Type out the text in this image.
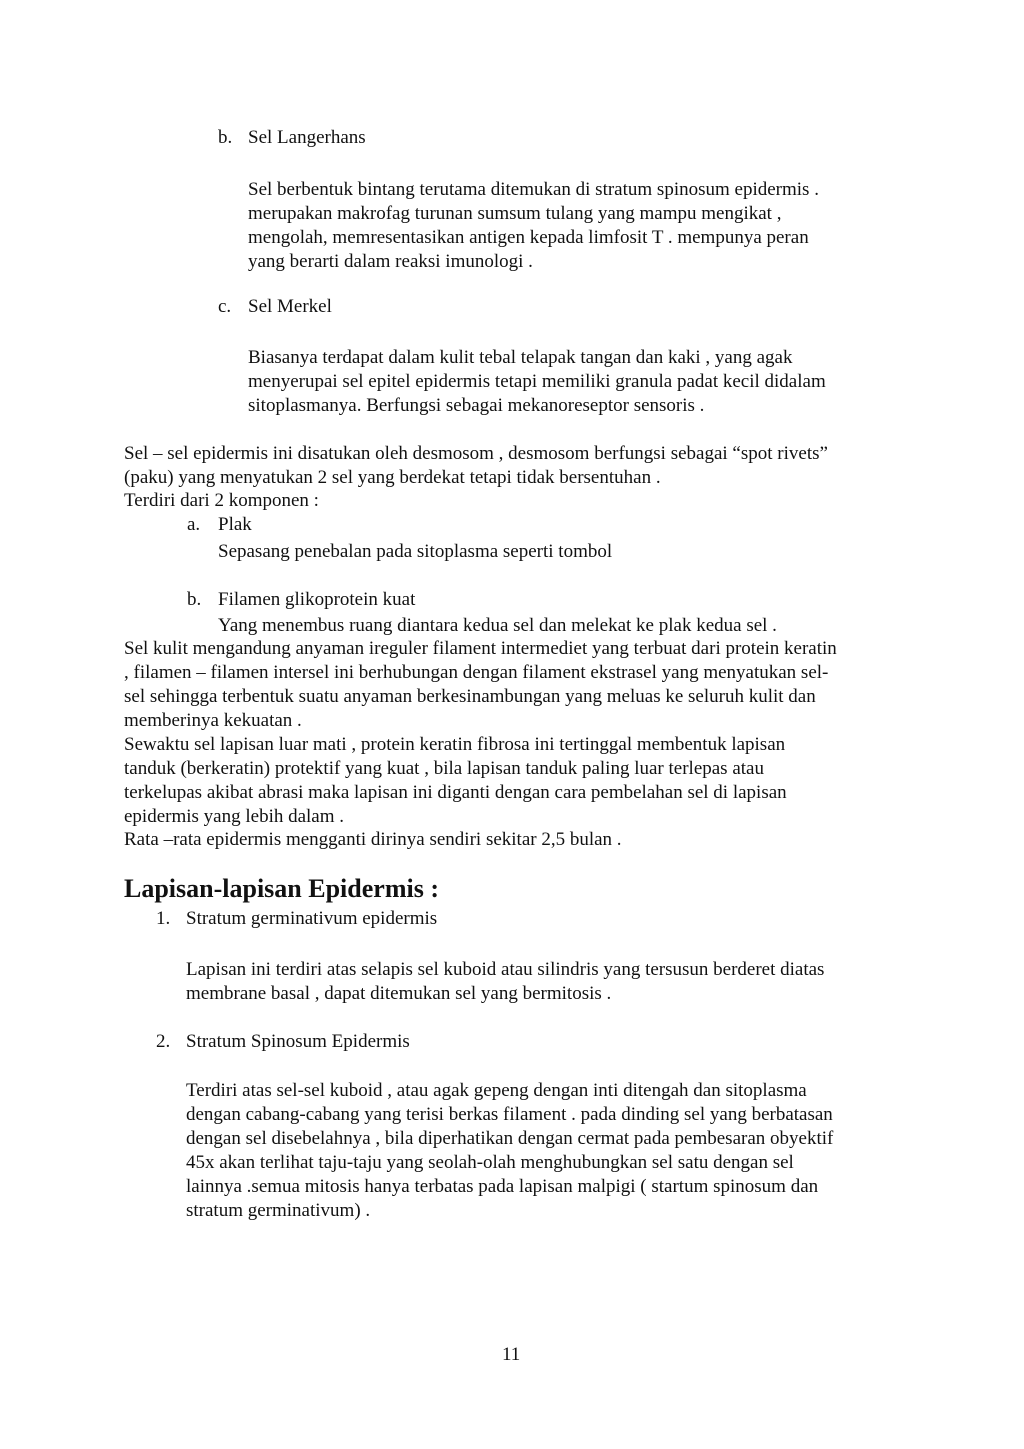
b. Sel Langerhans

Sel berbentuk bintang terutama ditemukan di stratum spinosum epidermis .

merupakan makrofag turunan sumsum tulang yang mampu mengikat ,

mengolah, memresentasikan antigen kepada limfosit T . mempunya peran

yang berarti dalam reaksi imunologi .

c. Sel Merkel

Biasanya terdapat dalam kulit tebal telapak tangan dan kaki , yang agak

menyerupai sel epitel epidermis tetapi memiliki granula padat kecil didalam

sitoplasmanya. Berfungsi sebagai mekanoreseptor sensoris .

Sel – sel epidermis ini disatukan oleh desmosom , desmosom berfungsi sebagai “spot rivets”

(paku) yang menyatukan 2 sel yang berdekat tetapi tidak bersentuhan .

Terdiri dari 2 komponen :

a. Plak

Sepasang penebalan pada sitoplasma seperti tombol

b. Filamen glikoprotein kuat

Yang menembus ruang diantara kedua sel dan melekat ke plak kedua sel .

Sel kulit mengandung anyaman ireguler filament intermediet yang terbuat dari protein keratin

, filamen – filamen intersel ini berhubungan dengan filament ekstrasel yang menyatukan sel-

sel sehingga terbentuk suatu anyaman berkesinambungan yang meluas ke seluruh kulit dan

memberinya kekuatan .

Sewaktu sel lapisan luar mati , protein keratin fibrosa ini tertinggal membentuk lapisan

tanduk (berkeratin) protektif yang kuat , bila lapisan tanduk paling luar terlepas atau

terkelupas akibat abrasi maka lapisan ini diganti dengan cara pembelahan sel di lapisan

epidermis yang lebih dalam .

Rata –rata epidermis mengganti dirinya sendiri sekitar 2,5 bulan .

Lapisan-lapisan Epidermis :

1. Stratum germinativum epidermis

Lapisan ini terdiri atas selapis sel kuboid atau silindris yang tersusun berderet diatas

membrane basal , dapat ditemukan sel yang bermitosis .

2. Stratum Spinosum Epidermis

Terdiri atas sel-sel kuboid , atau agak gepeng dengan inti ditengah dan sitoplasma

dengan cabang-cabang yang terisi berkas filament . pada dinding sel yang berbatasan

dengan sel disebelahnya , bila diperhatikan dengan cermat pada pembesaran obyektif

45x akan terlihat taju-taju yang seolah-olah menghubungkan sel satu dengan sel

lainnya .semua mitosis hanya terbatas pada lapisan malpigi ( startum spinosum dan

stratum germinativum) .

11
